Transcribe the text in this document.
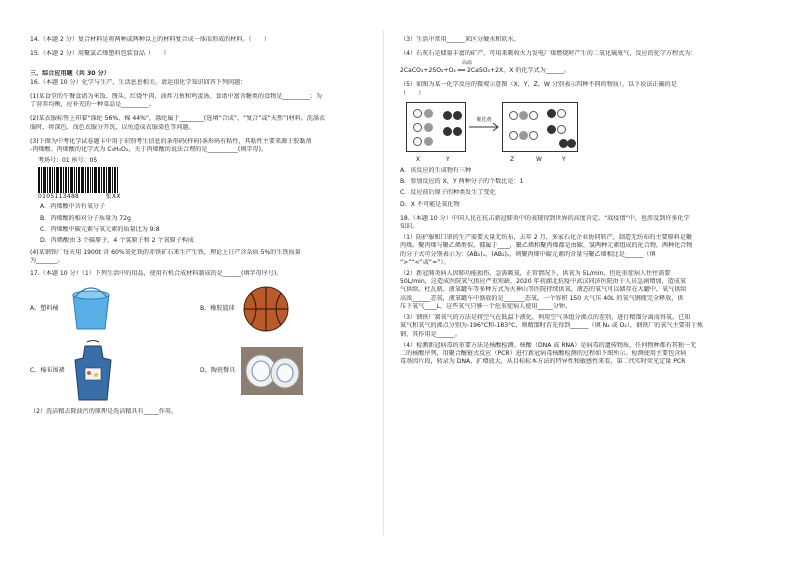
14.（本题 2 分）复合材料是将两种或两种以上的材料复合成一体而形成的材料。（　　）

15.（本题 2 分）用聚氯乙烯塑料包装食品（　　）

三、综合应用题（共 30 分）

16.（本题 10 分）化学与生产、生活息息相关。请运用化学知识回答下列问题：

(1)某食堂的午餐食谱为米饭、馒头、红烧牛肉、油炸刀鱼和鸡蛋汤。食谱中富含糖类的食物是_________；为

了营养均衡，应补充的一种菜品是_________。

(2)某衣服标签上印着“涤纶 56%、棉 44%”，涤纶属于________(选填“合成”、“复合”或“天然”)材料。洗涤衣

服时，将深色、浅色衣服分开洗，以免造成衣服染色等问题。

(3)下图为中考化学试卷题卡中用于识别考生信息的条形码(样码)条形码有粘性，其粘性主要来源于胶黏剂

-丙烯酸。丙烯酸的化学式为 C₃H₄O₂，关于丙烯酸的说法合理的是__________(填字母)。

考场号：01 座号：05
0105113488	张XX

A．丙烯酸中含有氧分子

B．丙烯酸的相对分子质量为 72g

C．丙烯酸中碳元素与氧元素的质量比为 9:8

D．丙烯酸由 3 个碳原子、4 个氢原子和 2 个氧原子构成

(4)某钢铁厂每天用 1900t 含 60%氧化铁的赤铁矿石来生产生铁，理论上日产含杂质 5%的生铁质量

为_______。

17.（本题 10 分）（1）下列生活中的用品，使用有机合成材料制成的是______(填字母序号)。

A、塑料桶	B、橡胶篮球
C、棉布围裙	D、陶瓷餐具

（2）洗洁精去除油污的原理是洗洁精具有_____作用。

（3）生活中常用______来区分硬水和软水。

（4）石灰石是储量丰富的矿产，可用来吸收火力发电厂煤燃烧时产生的二氧化硫废气，反应的化学方程式为：

高温

2CaCO₃+2SO₂+O₂ ══ 2CaSO₄+2X，X 的化学式为______。

（5）如图为某一化学反应的微观示意图（X，Y，Z，W 分别表示四种不同的物质），以下说法正确的是

（　　）

催化剂
X	Y	Z	W	Y

A．该反应的生成物有三种

B．参加反应的 X，Y 两种分子的个数比是：1

C．反应前后原子的种类发生了变化

D．X 不可能是氧化物

18.（本题 10 分）中国人民在抗击新冠肺炎中的表现得到世界的高度肯定。“战疫情”中，也涉及到许多化学

知识。

（1）防护服和口罩的生产需要大量无纺布，去年 2 月，多家石化企业协同转产，制造无纺布的主要原料是聚

丙烯。聚丙烯与聚乙烯类似，都属于____，聚乙烯和聚丙烯都是由碳、氢两种元素组成的化合物，两种化合物

的分子式可分别表示为：(AB₂)ₓ、(AB₂)ᵧ，则聚丙烯中碳元素的含量与聚乙烯相比是______（填

“>”“<”或“=”）。

（2）新冠肺炎病人因肺功能损伤，急需吸氧，正常情况下，供氧为 5L/min，但危重症病人往往需要

50L/min，这造成医院氧气供应严重短缺，2020 年初湖北抗疫中武汉同济医院由于人员急剧增加，造成氧

气供给。杜瓦瓶、液氧罐车等多种方式为火神山等医院持续供氧。液态的氧气可以储存在大罐中，氧气供给

高浓______态氧，液氧罐车中盛放的是_______态氧。一个容积 150 大气压 40L 的氧气钢瓶完全释放，供

压下氧气____L，这些氧气只够一个危重症病人使用_____分钟。

（3）钢铁厂制氧气的方法是将空气在低温下液化，利用空气各组分沸点的差别，进行精馏分离而得氧。已知

氮气和氧气的沸点分别为-196°C和-183°C，则精馏时首先得到______（填 N₂ 或 O₂），钢铁厂的氧气主要用于炼

钢，其作用是______。

（4）检测新冠病毒的重要方法是核酸检测。核酸（DNA 或 RNA）是病毒的遗传物质，任何物种都有其独一无

二的核酸序列，用聚合酶链式反应（PCR）进行新冠病毒核酸检测的过程如下图所示。检测使用主要包含病

毒基因片段，转录为 DNA，扩增放大，从目标标本方法的特异性和敏感性来看，第二代实时荧光定量 PCR
